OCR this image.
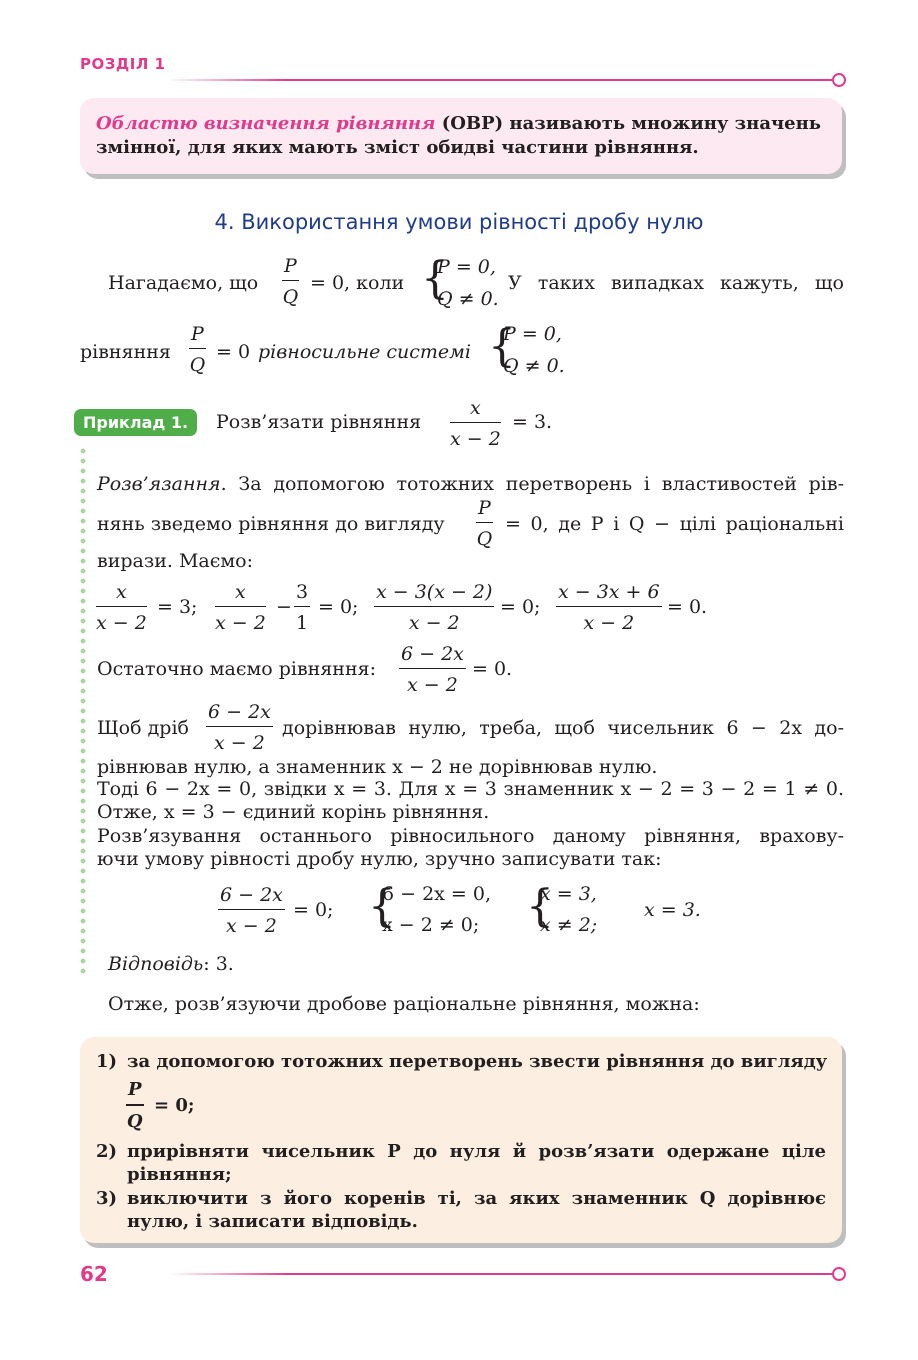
РОЗДІЛ 1
Областю визначення рівняння (ОВР) називають множину значень
змінної, для яких мають зміст обидві частини рівняння.
4. Використання умови рівності дробу нулю
Нагадаємо, що
P
Q
= 0, коли {
P = 0,
Q ≠ 0.
У таких випадках кажуть, що
рівняння
P
Q
= 0 рівносильне системі {
P = 0,
Q ≠ 0.
Приклад 1.	Розв’язати рівняння
x
x − 2
= 3.
Розв’язання. За допомогою тотожних перетворень і властивостей рів-
нянь зведемо рівняння до вигляду
P
Q
= 0, де P і Q − цілі раціональні
вирази. Маємо:
x
x − 2
= 3;
x
x − 2
−
3
1
= 0;
x − 3(x − 2)
x − 2
= 0;
x − 3x + 6
x − 2
= 0.
Остаточно маємо рівняння:
6 − 2x
x − 2
= 0.
Щоб дріб
6 − 2x
x − 2
дорівнював нулю, треба, щоб чисельник 6 − 2x до-
рівнював нулю, а знаменник x − 2 не дорівнював нулю.
Тоді 6 − 2x = 0, звідки x = 3. Для x = 3 знаменник x − 2 = 3 − 2 = 1 ≠ 0.
Отже, x = 3 − єдиний корінь рівняння.
Розв’язування останнього рівносильного даному рівняння, врахову-
ючи умову рівності дробу нулю, зручно записувати так:
6 − 2x
x − 2
= 0; {
6 − 2x = 0,
x − 2 ≠ 0; {
x = 3,
x ≠ 2;
x = 3.
Відповідь: 3.
Отже, розв’язуючи дробове раціональне рівняння, можна:
1) за допомогою тотожних перетворень звести рівняння до вигляду
P
Q
= 0;
2) прирівняти чисельник P до нуля й розв’язати одержане ціле
рівняння;
3) виключити з його коренів ті, за яких знаменник Q дорівнює
нулю, і записати відповідь.
62
